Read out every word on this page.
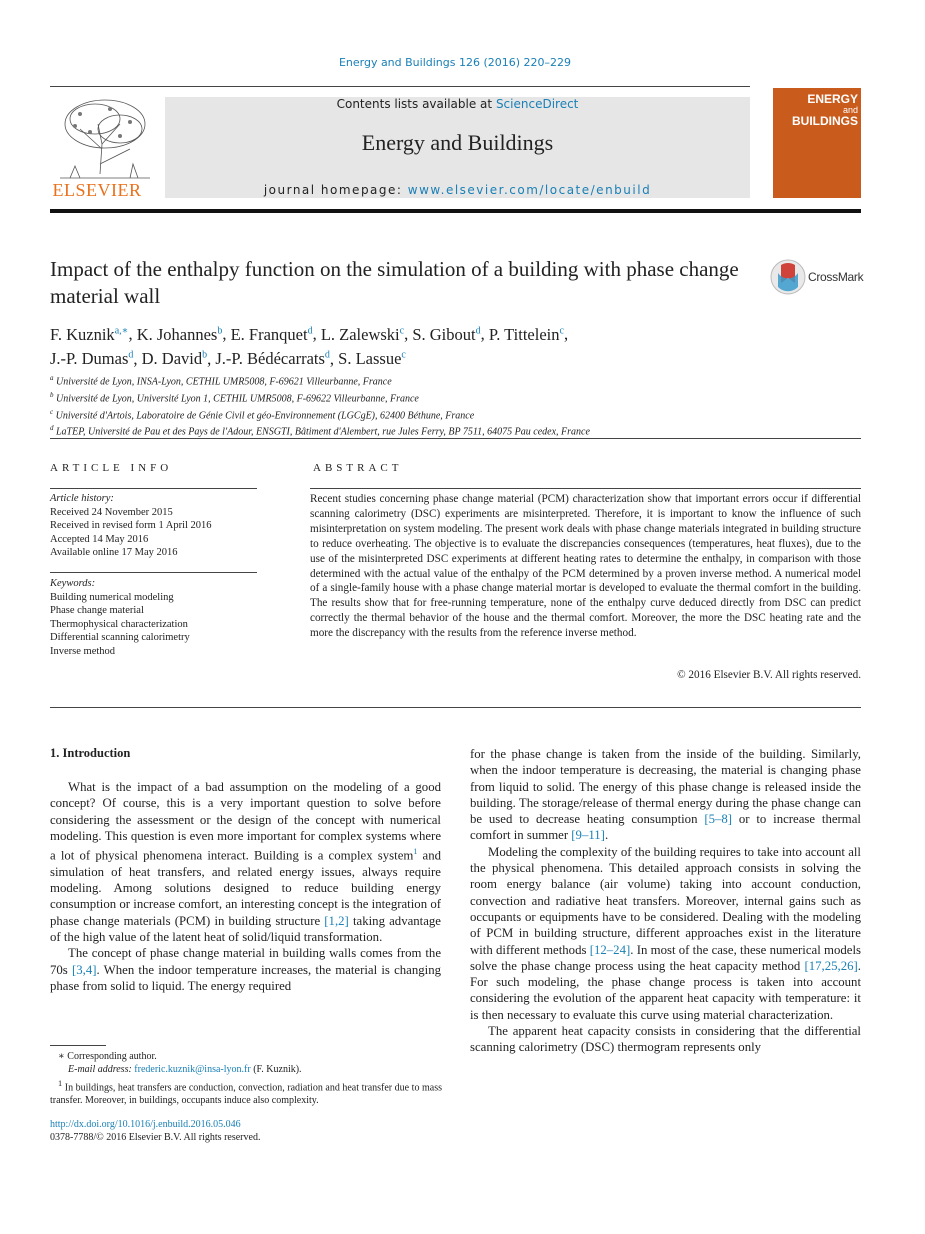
Energy and Buildings 126 (2016) 220–229
ELSEVIER
Contents lists available at ScienceDirect
Energy and Buildings
journal homepage: www.elsevier.com/locate/enbuild
ENERGY
and
BUILDINGS
Impact of the enthalpy function on the simulation of a building with phase change material wall
CrossMark
F. Kuznik$^{a,∗}$, K. Johannes$^b$, E. Franquet$^d$, L. Zalewski$^c$, S. Gibout$^d$, P. Tittelein$^c$,
J.-P. Dumas$^d$, D. David$^b$, J.-P. Bédécarrats$^d$, S. Lassue$^c$
$^a$ Université de Lyon, INSA-Lyon, CETHIL UMR5008, F-69621 Villeurbanne, France
$^b$ Université de Lyon, Université Lyon 1, CETHIL UMR5008, F-69622 Villeurbanne, France
$^c$ Université d'Artois, Laboratoire de Génie Civil et géo-Environnement (LGCgE), 62400 Béthune, France
$^d$ LaTEP, Université de Pau et des Pays de l'Adour, ENSGTI, Bâtiment d'Alembert, rue Jules Ferry, BP 7511, 64075 Pau cedex, France
ARTICLE INFO
Article history:
Received 24 November 2015
Received in revised form 1 April 2016
Accepted 14 May 2016
Available online 17 May 2016
Keywords:
Building numerical modeling
Phase change material
Thermophysical characterization
Differential scanning calorimetry
Inverse method
ABSTRACT
Recent studies concerning phase change material (PCM) characterization show that important errors occur if differential scanning calorimetry (DSC) experiments are misinterpreted. Therefore, it is important to know the influence of such misinterpretation on system modeling. The present work deals with phase change materials integrated in building structure to reduce overheating. The objective is to evaluate the discrepancies consequences (temperatures, heat fluxes), due to the use of the misinterpreted DSC experiments at different heating rates to determine the enthalpy, in comparison with those determined with the actual value of the enthalpy of the PCM determined by a proven inverse method. A numerical model of a single-family house with a phase change material mortar is developed to evaluate the thermal comfort in the building. The results show that for free-running temperature, none of the enthalpy curve deduced directly from DSC can predict correctly the thermal behavior of the house and the thermal comfort. Moreover, the more the DSC heating rate and the more the discrepancy with the results from the reference inverse method.
© 2016 Elsevier B.V. All rights reserved.
1. Introduction

What is the impact of a bad assumption on the modeling of a good concept? Of course, this is a very important question to solve before considering the assessment or the design of the concept with numerical modeling. This question is even more important for complex systems where a lot of physical phenomena interact. Building is a complex system$^1$ and simulation of heat transfers, and related energy issues, always require modeling. Among solutions designed to reduce building energy consumption or increase comfort, an interesting concept is the integration of phase change materials (PCM) in building structure [1,2] taking advantage of the high value of the latent heat of solid/liquid transformation.

The concept of phase change material in building walls comes from the 70s [3,4]. When the indoor temperature increases, the material is changing phase from solid to liquid. The energy required

for the phase change is taken from the inside of the building. Similarly, when the indoor temperature is decreasing, the material is changing phase from liquid to solid. The energy of this phase change is released inside the building. The storage/release of thermal energy during the phase change can be used to decrease heating consumption [5–8] or to increase thermal comfort in summer [9–11].

Modeling the complexity of the building requires to take into account all the physical phenomena. This detailed approach consists in solving the room energy balance (air volume) taking into account conduction, convection and radiative heat transfers. Moreover, internal gains such as occupants or equipments have to be considered. Dealing with the modeling of PCM in building structure, different approaches exist in the literature with different methods [12–24]. In most of the case, these numerical models solve the phase change process using the heat capacity method [17,25,26]. For such modeling, the phase change process is taken into account considering the evolution of the apparent heat capacity with temperature: it is then necessary to evaluate this curve using material characterization.

The apparent heat capacity consists in considering that the differential scanning calorimetry (DSC) thermogram represents only

∗ Corresponding author.

E-mail address: frederic.kuznik@insa-lyon.fr (F. Kuznik).

$^1$ In buildings, heat transfers are conduction, convection, radiation and heat transfer due to mass transfer. Moreover, in buildings, occupants induce also complexity.

http://dx.doi.org/10.1016/j.enbuild.2016.05.046
0378-7788/© 2016 Elsevier B.V. All rights reserved.
